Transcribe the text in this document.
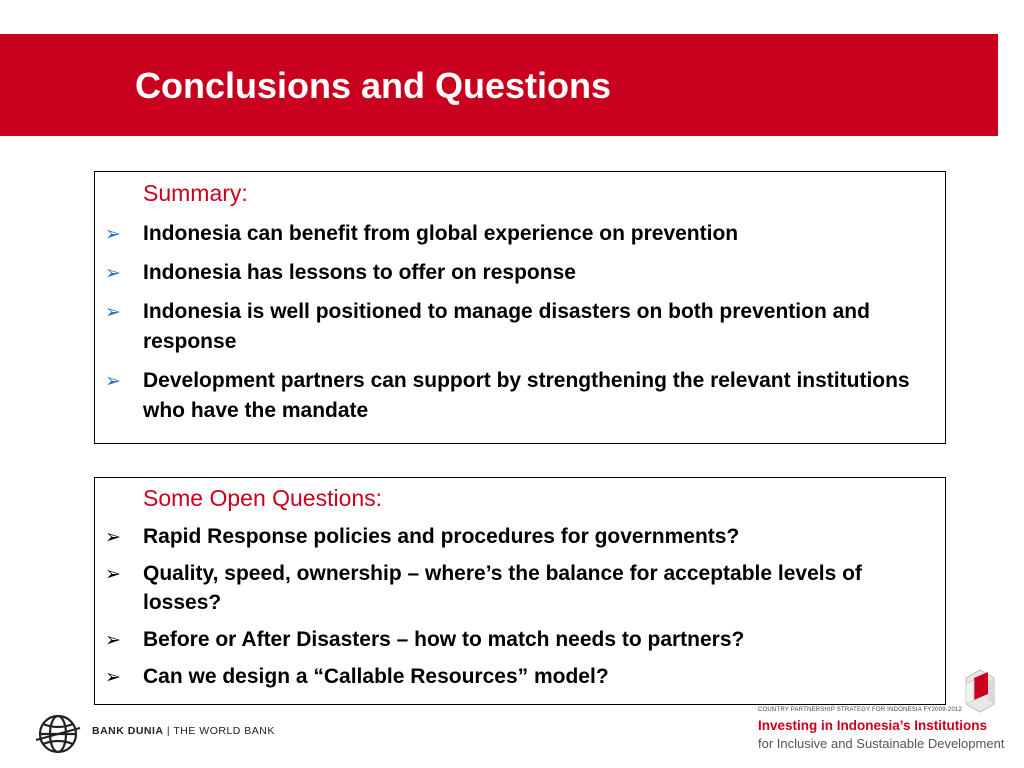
Conclusions and Questions
Summary:
➢ Indonesia can benefit from global experience on prevention
➢ Indonesia has lessons to offer on response
➢ Indonesia is well positioned to manage disasters on both prevention and response
➢ Development partners can support by strengthening the relevant institutions who have the mandate
Some Open Questions:
➢ Rapid Response policies and procedures for governments?
➢ Quality, speed, ownership – where’s the balance for acceptable levels of losses?
➢ Before or After Disasters – how to match needs to partners?
➢ Can we design a “Callable Resources” model?
BANK DUNIA | THE WORLD BANK
COUNTRY PARTNERSHIP STRATEGY FOR INDONESIA FY2009-2012
Investing in Indonesia’s Institutions
for Inclusive and Sustainable Development
